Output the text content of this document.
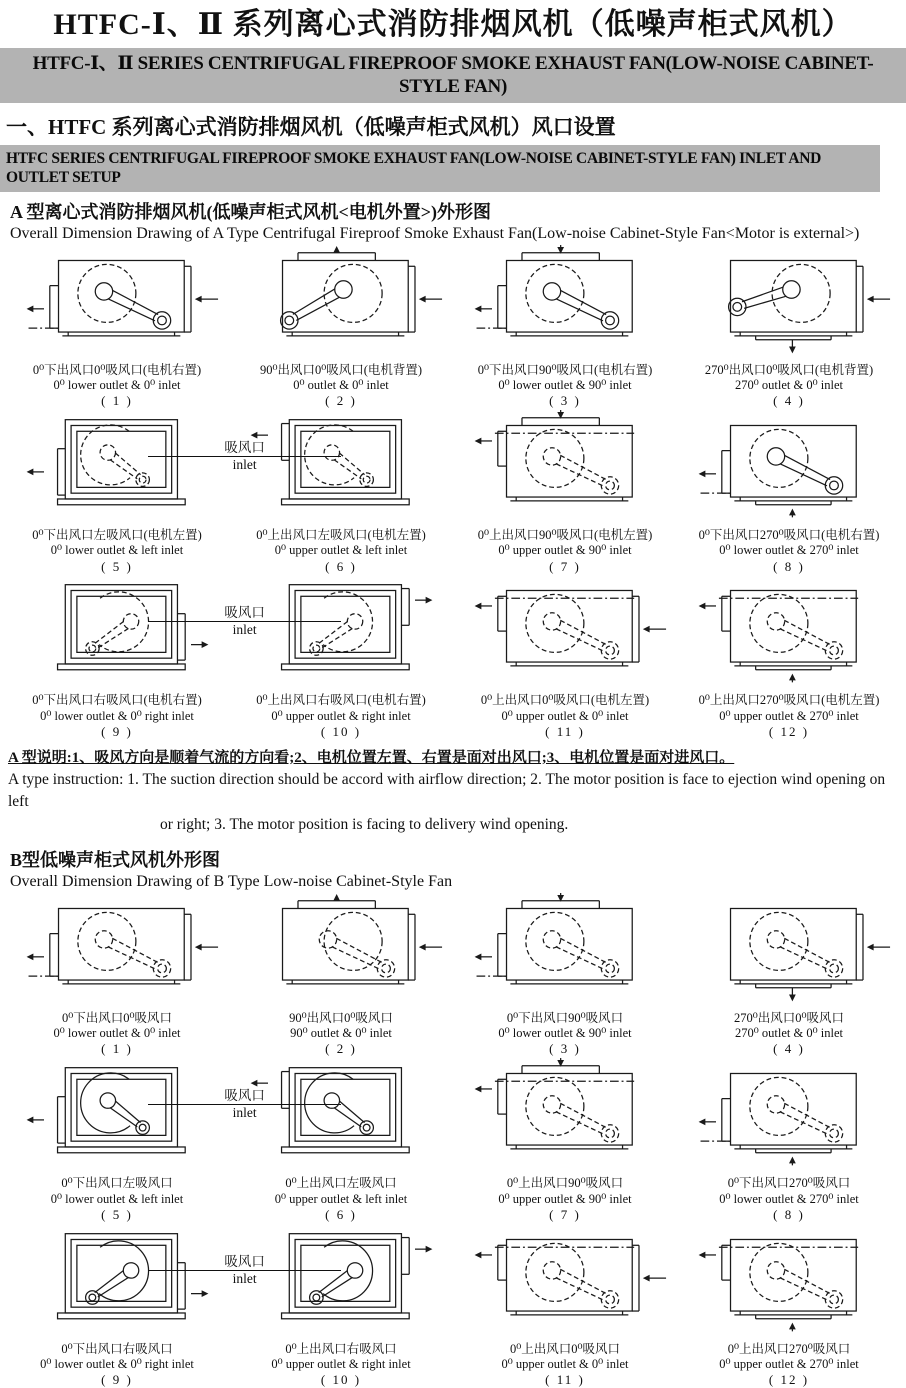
HTFC-Ⅰ、Ⅱ 系列离心式消防排烟风机（低噪声柜式风机）
HTFC-Ⅰ、Ⅱ SERIES CENTRIFUGAL FIREPROOF SMOKE EXHAUST FAN(LOW-NOISE CABINET-STYLE FAN)
一、HTFC 系列离心式消防排烟风机（低噪声柜式风机）风口设置
HTFC SERIES CENTRIFUGAL FIREPROOF SMOKE EXHAUST FAN(LOW-NOISE CABINET-STYLE FAN) INLET AND OUTLET SETUP
A 型离心式消防排烟风机(低噪声柜式风机<电机外置>)外形图
Overall Dimension Drawing of A Type Centrifugal Fireproof Smoke Exhaust Fan(Low-noise Cabinet-Style Fan<Motor is external>)
0⁰下出风口0⁰吸风口(电机右置)
0⁰ lower outlet & 0⁰ inlet
( 1 )
90⁰出风口0⁰吸风口(电机背置)
0⁰ outlet & 0⁰ inlet
( 2 )
0⁰下出风口90⁰吸风口(电机右置)
0⁰ lower outlet & 90⁰ inlet
( 3 )
270⁰出风口0⁰吸风口(电机背置)
270⁰ outlet & 0⁰ inlet
( 4 )
0⁰下出风口左吸风口(电机左置)
0⁰ lower outlet & left inlet
( 5 )
0⁰上出风口左吸风口(电机左置)
0⁰ upper outlet & left inlet
( 6 )
0⁰上出风口90⁰吸风口(电机左置)
0⁰ upper outlet & 90⁰ inlet
( 7 )
0⁰下出风口270⁰吸风口(电机右置)
0⁰ lower outlet & 270⁰ inlet
( 8 )
吸风口
inlet
0⁰下出风口右吸风口(电机右置)
0⁰ lower outlet & 0⁰ right inlet
( 9 )
0⁰上出风口右吸风口(电机右置)
0⁰ upper outlet & right inlet
( 10 )
0⁰上出风口0⁰吸风口(电机左置)
0⁰ upper outlet & 0⁰ inlet
( 11 )
0⁰上出风口270⁰吸风口(电机左置)
0⁰ upper outlet & 270⁰ inlet
( 12 )
吸风口
inlet
A 型说明:1、吸风方向是顺着气流的方向看;2、电机位置左置、右置是面对出风口;3、电机位置是面对进风口。
A type instruction: 1. The suction direction should be accord with airflow direction; 2. The motor position is face to ejection wind opening on left
or right; 3. The motor position is facing to delivery wind opening.
B型低噪声柜式风机外形图
Overall Dimension Drawing of B Type Low-noise Cabinet-Style Fan
0⁰下出风口0⁰吸风口
0⁰ lower outlet & 0⁰ inlet
( 1 )
90⁰出风口0⁰吸风口
90⁰ outlet & 0⁰ inlet
( 2 )
0⁰下出风口90⁰吸风口
0⁰ lower outlet & 90⁰ inlet
( 3 )
270⁰出风口0⁰吸风口
270⁰ outlet & 0⁰ inlet
( 4 )
0⁰下出风口左吸风口
0⁰ lower outlet & left inlet
( 5 )
0⁰上出风口左吸风口
0⁰ upper outlet & left inlet
( 6 )
0⁰上出风口90⁰吸风口
0⁰ upper outlet & 90⁰ inlet
( 7 )
0⁰下出风口270⁰吸风口
0⁰ lower outlet & 270⁰ inlet
( 8 )
吸风口
inlet
0⁰下出风口右吸风口
0⁰ lower outlet & 0⁰ right inlet
( 9 )
0⁰上出风口右吸风口
0⁰ upper outlet & right inlet
( 10 )
0⁰上出风口0⁰吸风口
0⁰ upper outlet & 0⁰ inlet
( 11 )
0⁰上出风口270⁰吸风口
0⁰ upper outlet & 270⁰ inlet
( 12 )
吸风口
inlet
